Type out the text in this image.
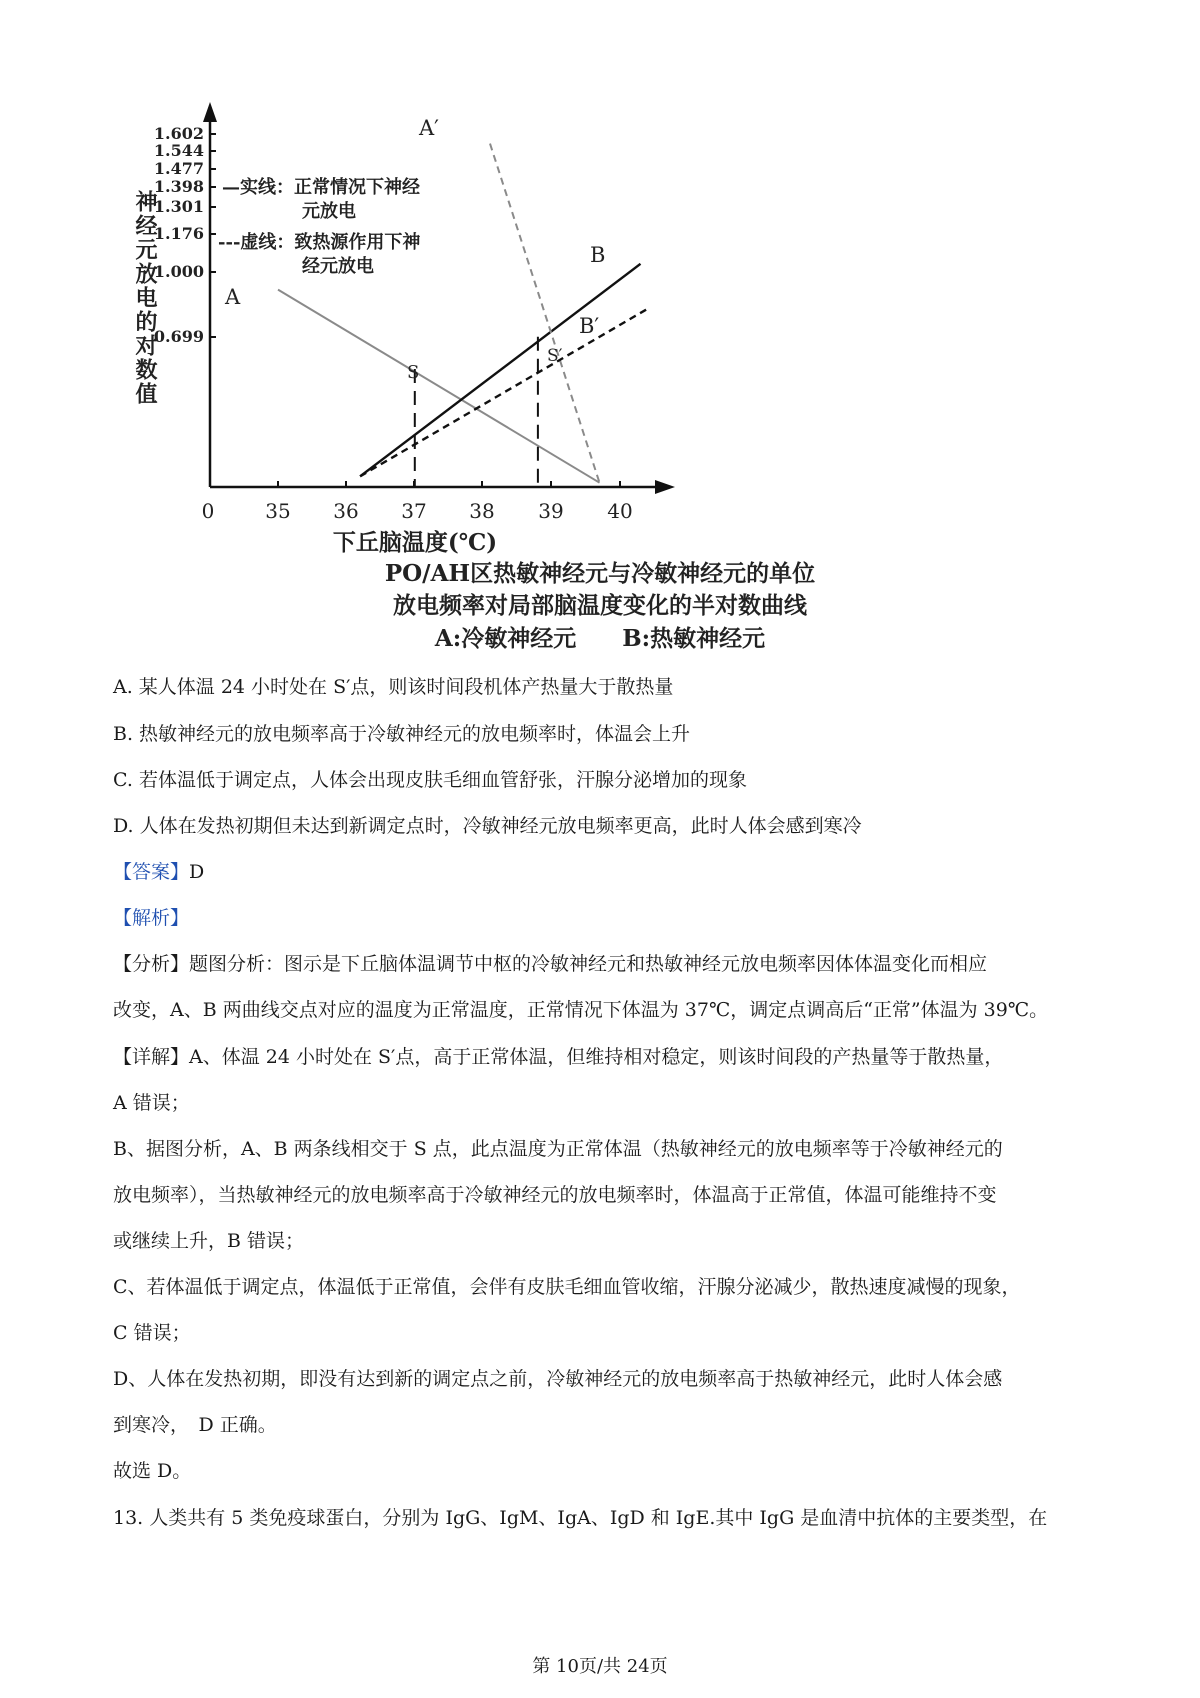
神经元放电的对数值
1.602
1.544
1.477
1.398
1.301
1.176
1.000
0.699
0	35 36 37 38 39 40
下丘脑温度(℃)
—实线：正常情况下神经
元放电
---虚线：致热源作用下神
经元放电
A
A′
B
B′
S
S′
PO/AH区热敏神经元与冷敏神经元的单位
放电频率对局部脑温度变化的半对数曲线
A:冷敏神经元　　B:热敏神经元

A. 某人体温 24 小时处在 S′点，则该时间段机体产热量大于散热量

B. 热敏神经元的放电频率高于冷敏神经元的放电频率时，体温会上升

C. 若体温低于调定点，人体会出现皮肤毛细血管舒张，汗腺分泌增加的现象

D. 人体在发热初期但未达到新调定点时，冷敏神经元放电频率更高，此时人体会感到寒冷

【答案】D

【解析】

【分析】题图分析：图示是下丘脑体温调节中枢的冷敏神经元和热敏神经元放电频率因体体温变化而相应

改变，A、B 两曲线交点对应的温度为正常温度，正常情况下体温为 37℃，调定点调高后“正常”体温为 39℃。

【详解】A、体温 24 小时处在 S′点，高于正常体温，但维持相对稳定，则该时间段的产热量等于散热量，

A 错误；

B、据图分析，A、B 两条线相交于 S 点，此点温度为正常体温（热敏神经元的放电频率等于冷敏神经元的

放电频率），当热敏神经元的放电频率高于冷敏神经元的放电频率时，体温高于正常值，体温可能维持不变

或继续上升，B 错误；

C、若体温低于调定点，体温低于正常值，会伴有皮肤毛细血管收缩，汗腺分泌减少，散热速度减慢的现象，

C 错误；

D、人体在发热初期，即没有达到新的调定点之前，冷敏神经元的放电频率高于热敏神经元，此时人体会感

到寒冷，　D 正确。

故选 D。

13. 人类共有 5 类免疫球蛋白，分别为 IgG、IgM、IgA、IgD 和 IgE.其中 IgG 是血清中抗体的主要类型，在

第 10页/共 24页
